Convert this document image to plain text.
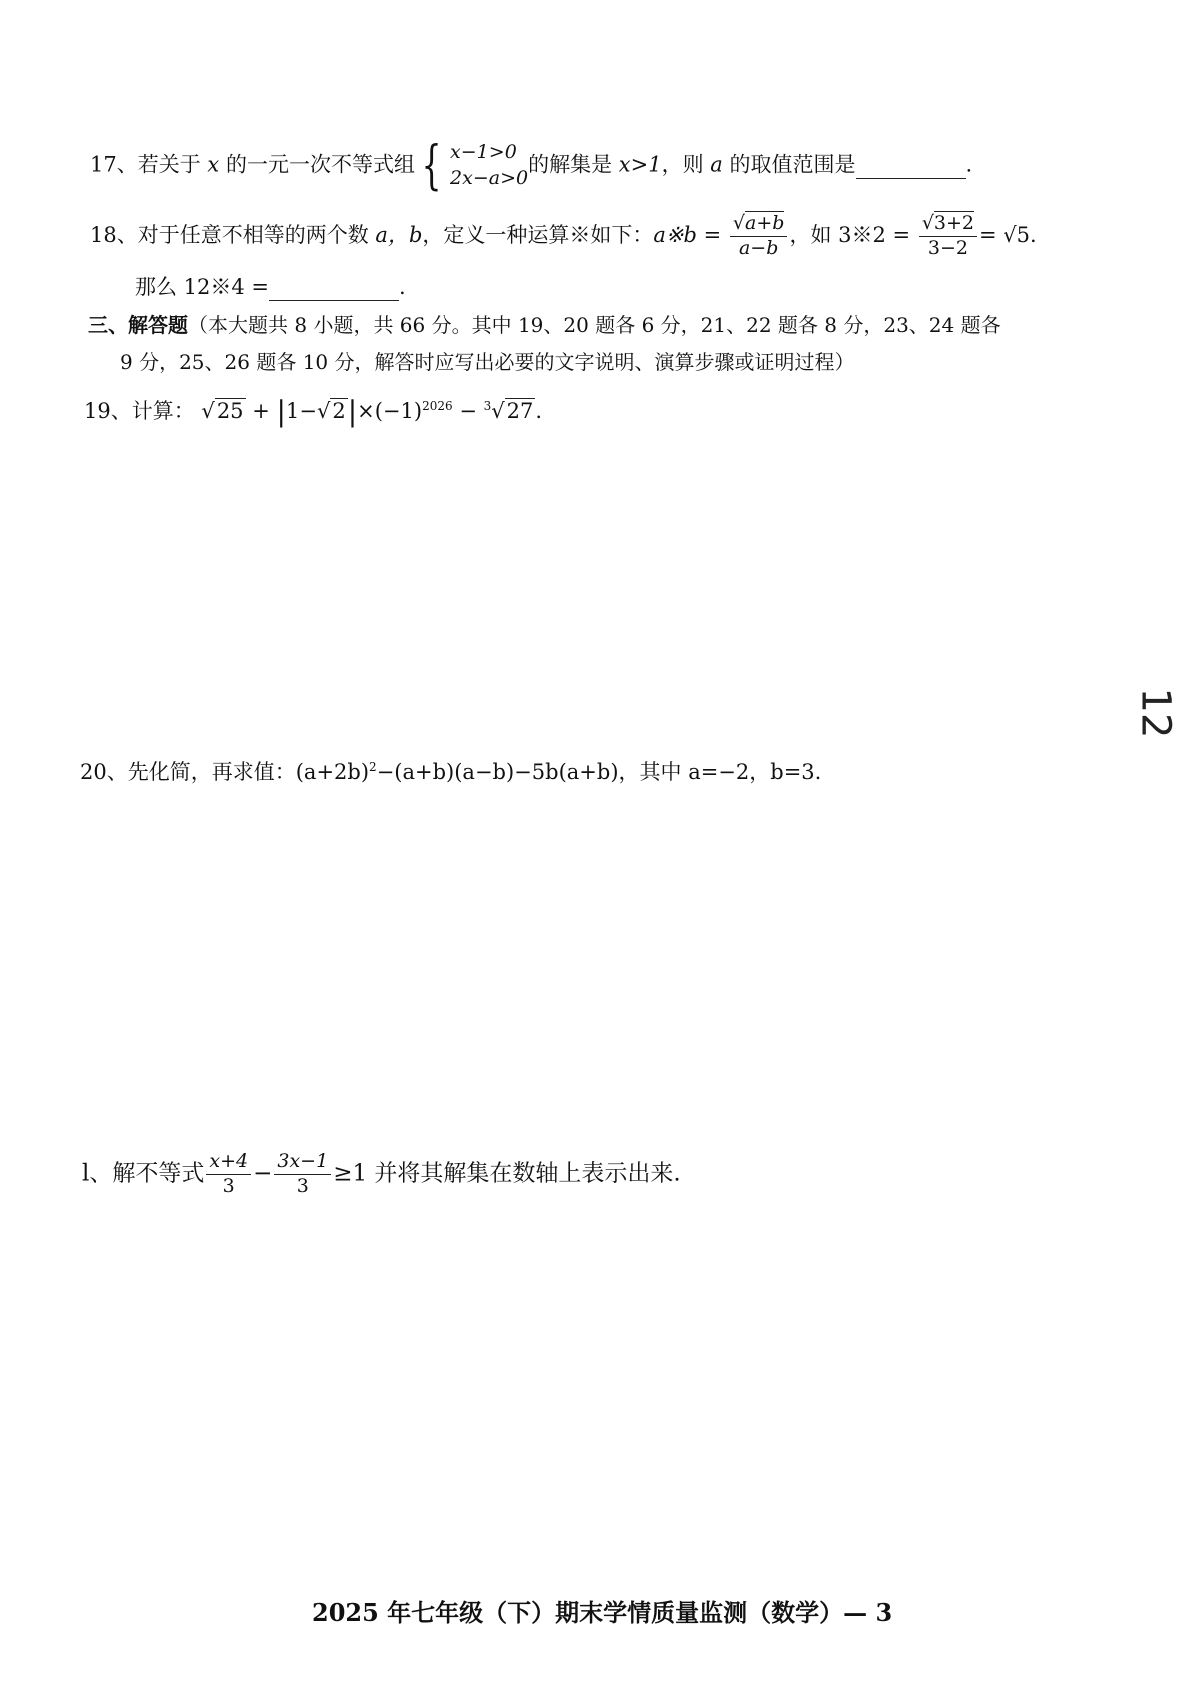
17、若关于 x 的一元一次不等式组 { x−1>0
2x−a>0
的解集是 x>1，则 a 的取值范围是	.
18、对于任意不相等的两个数 a，b，定义一种运算※如下：a※b = $\frac{√a+b}{a-b}$ ，如 3※2 = $\frac{√3+2}{3-2} = √5$.
那么 12※4 =	.
三、解答题（本大题共 8 小题，共 66 分。其中 19、20 题各 6 分，21、22 题各 8 分，23、24 题各
9 分，25、26 题各 10 分，解答时应写出必要的文字说明、演算步骤或证明过程）
19、计算： $√25 + |1-√2|\times(-1)^{2026} - ^3√27$.
12
20、先化简，再求值：$(a+2b)^2-(a+b)(a-b)-5b(a+b)$，其中 a=−2，b=3.
l、解不等式 $\frac{x+4}{3} - \frac{3x-1}{3} \ge 1$ 并将其解集在数轴上表示出来.
2025 年七年级（下）期末学情质量监测（数学）— 3
